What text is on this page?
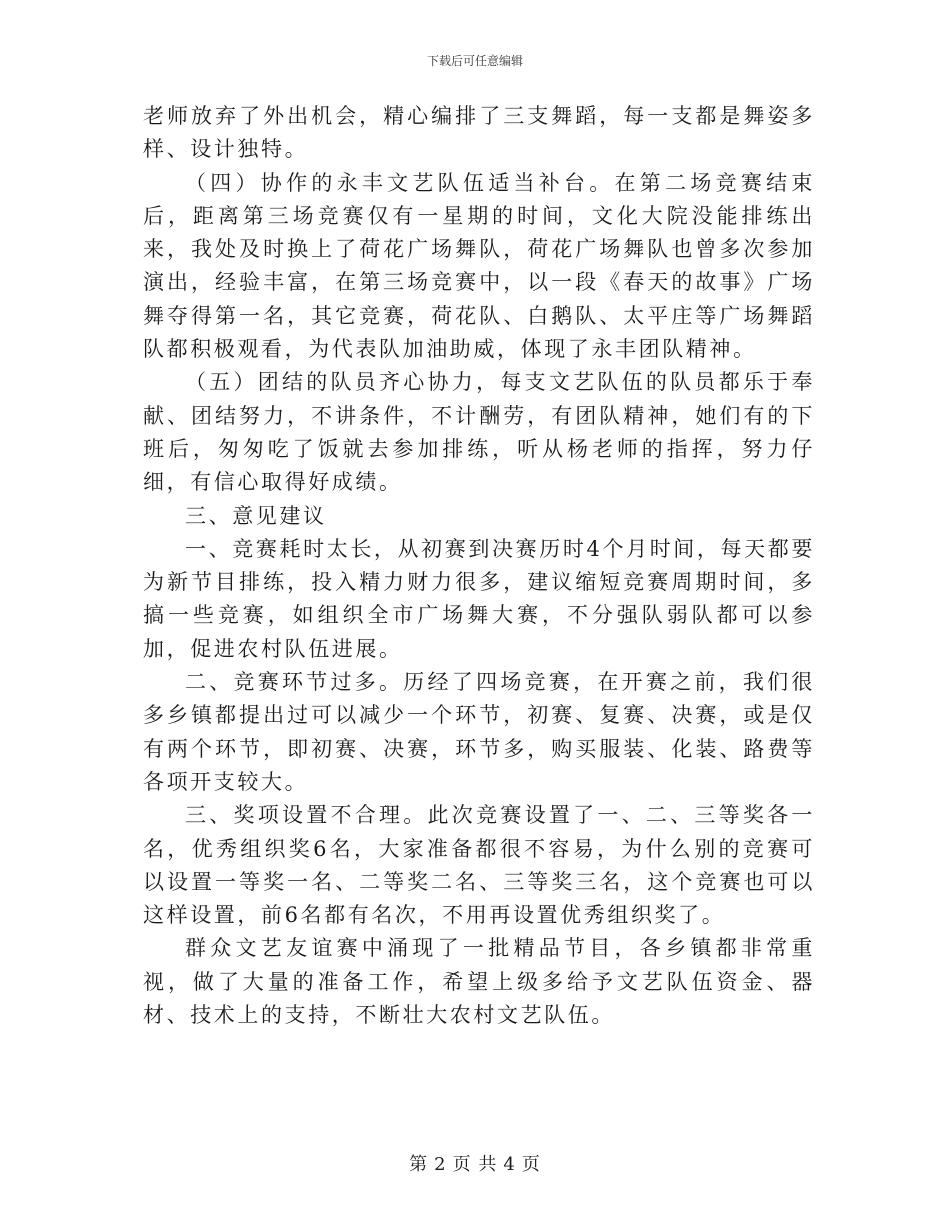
下载后可任意编辑

老师放弃了外出机会，精心编排了三支舞蹈，每一支都是舞姿多样、设计独特。

（四）协作的永丰文艺队伍适当补台。在第二场竞赛结束后，距离第三场竞赛仅有一星期的时间，文化大院没能排练出来，我处及时换上了荷花广场舞队，荷花广场舞队也曾多次参加演出，经验丰富，在第三场竞赛中，以一段《春天的故事》广场舞夺得第一名，其它竞赛，荷花队、白鹅队、太平庄等广场舞蹈队都积极观看，为代表队加油助威，体现了永丰团队精神。

（五）团结的队员齐心协力，每支文艺队伍的队员都乐于奉献、团结努力，不讲条件，不计酬劳，有团队精神，她们有的下班后，匆匆吃了饭就去参加排练，听从杨老师的指挥，努力仔细，有信心取得好成绩。

三、意见建议

一、竞赛耗时太长，从初赛到决赛历时4个月时间，每天都要为新节目排练，投入精力财力很多，建议缩短竞赛周期时间，多搞一些竞赛，如组织全市广场舞大赛，不分强队弱队都可以参加，促进农村队伍进展。

二、竞赛环节过多。历经了四场竞赛，在开赛之前，我们很多乡镇都提出过可以减少一个环节，初赛、复赛、决赛，或是仅有两个环节，即初赛、决赛，环节多，购买服装、化装、路费等各项开支较大。

三、奖项设置不合理。此次竞赛设置了一、二、三等奖各一名，优秀组织奖6名，大家准备都很不容易，为什么别的竞赛可以设置一等奖一名、二等奖二名、三等奖三名，这个竞赛也可以这样设置，前6名都有名次，不用再设置优秀组织奖了。

群众文艺友谊赛中涌现了一批精品节目，各乡镇都非常重视，做了大量的准备工作，希望上级多给予文艺队伍资金、器材、技术上的支持，不断壮大农村文艺队伍。

第 2 页 共 4 页
